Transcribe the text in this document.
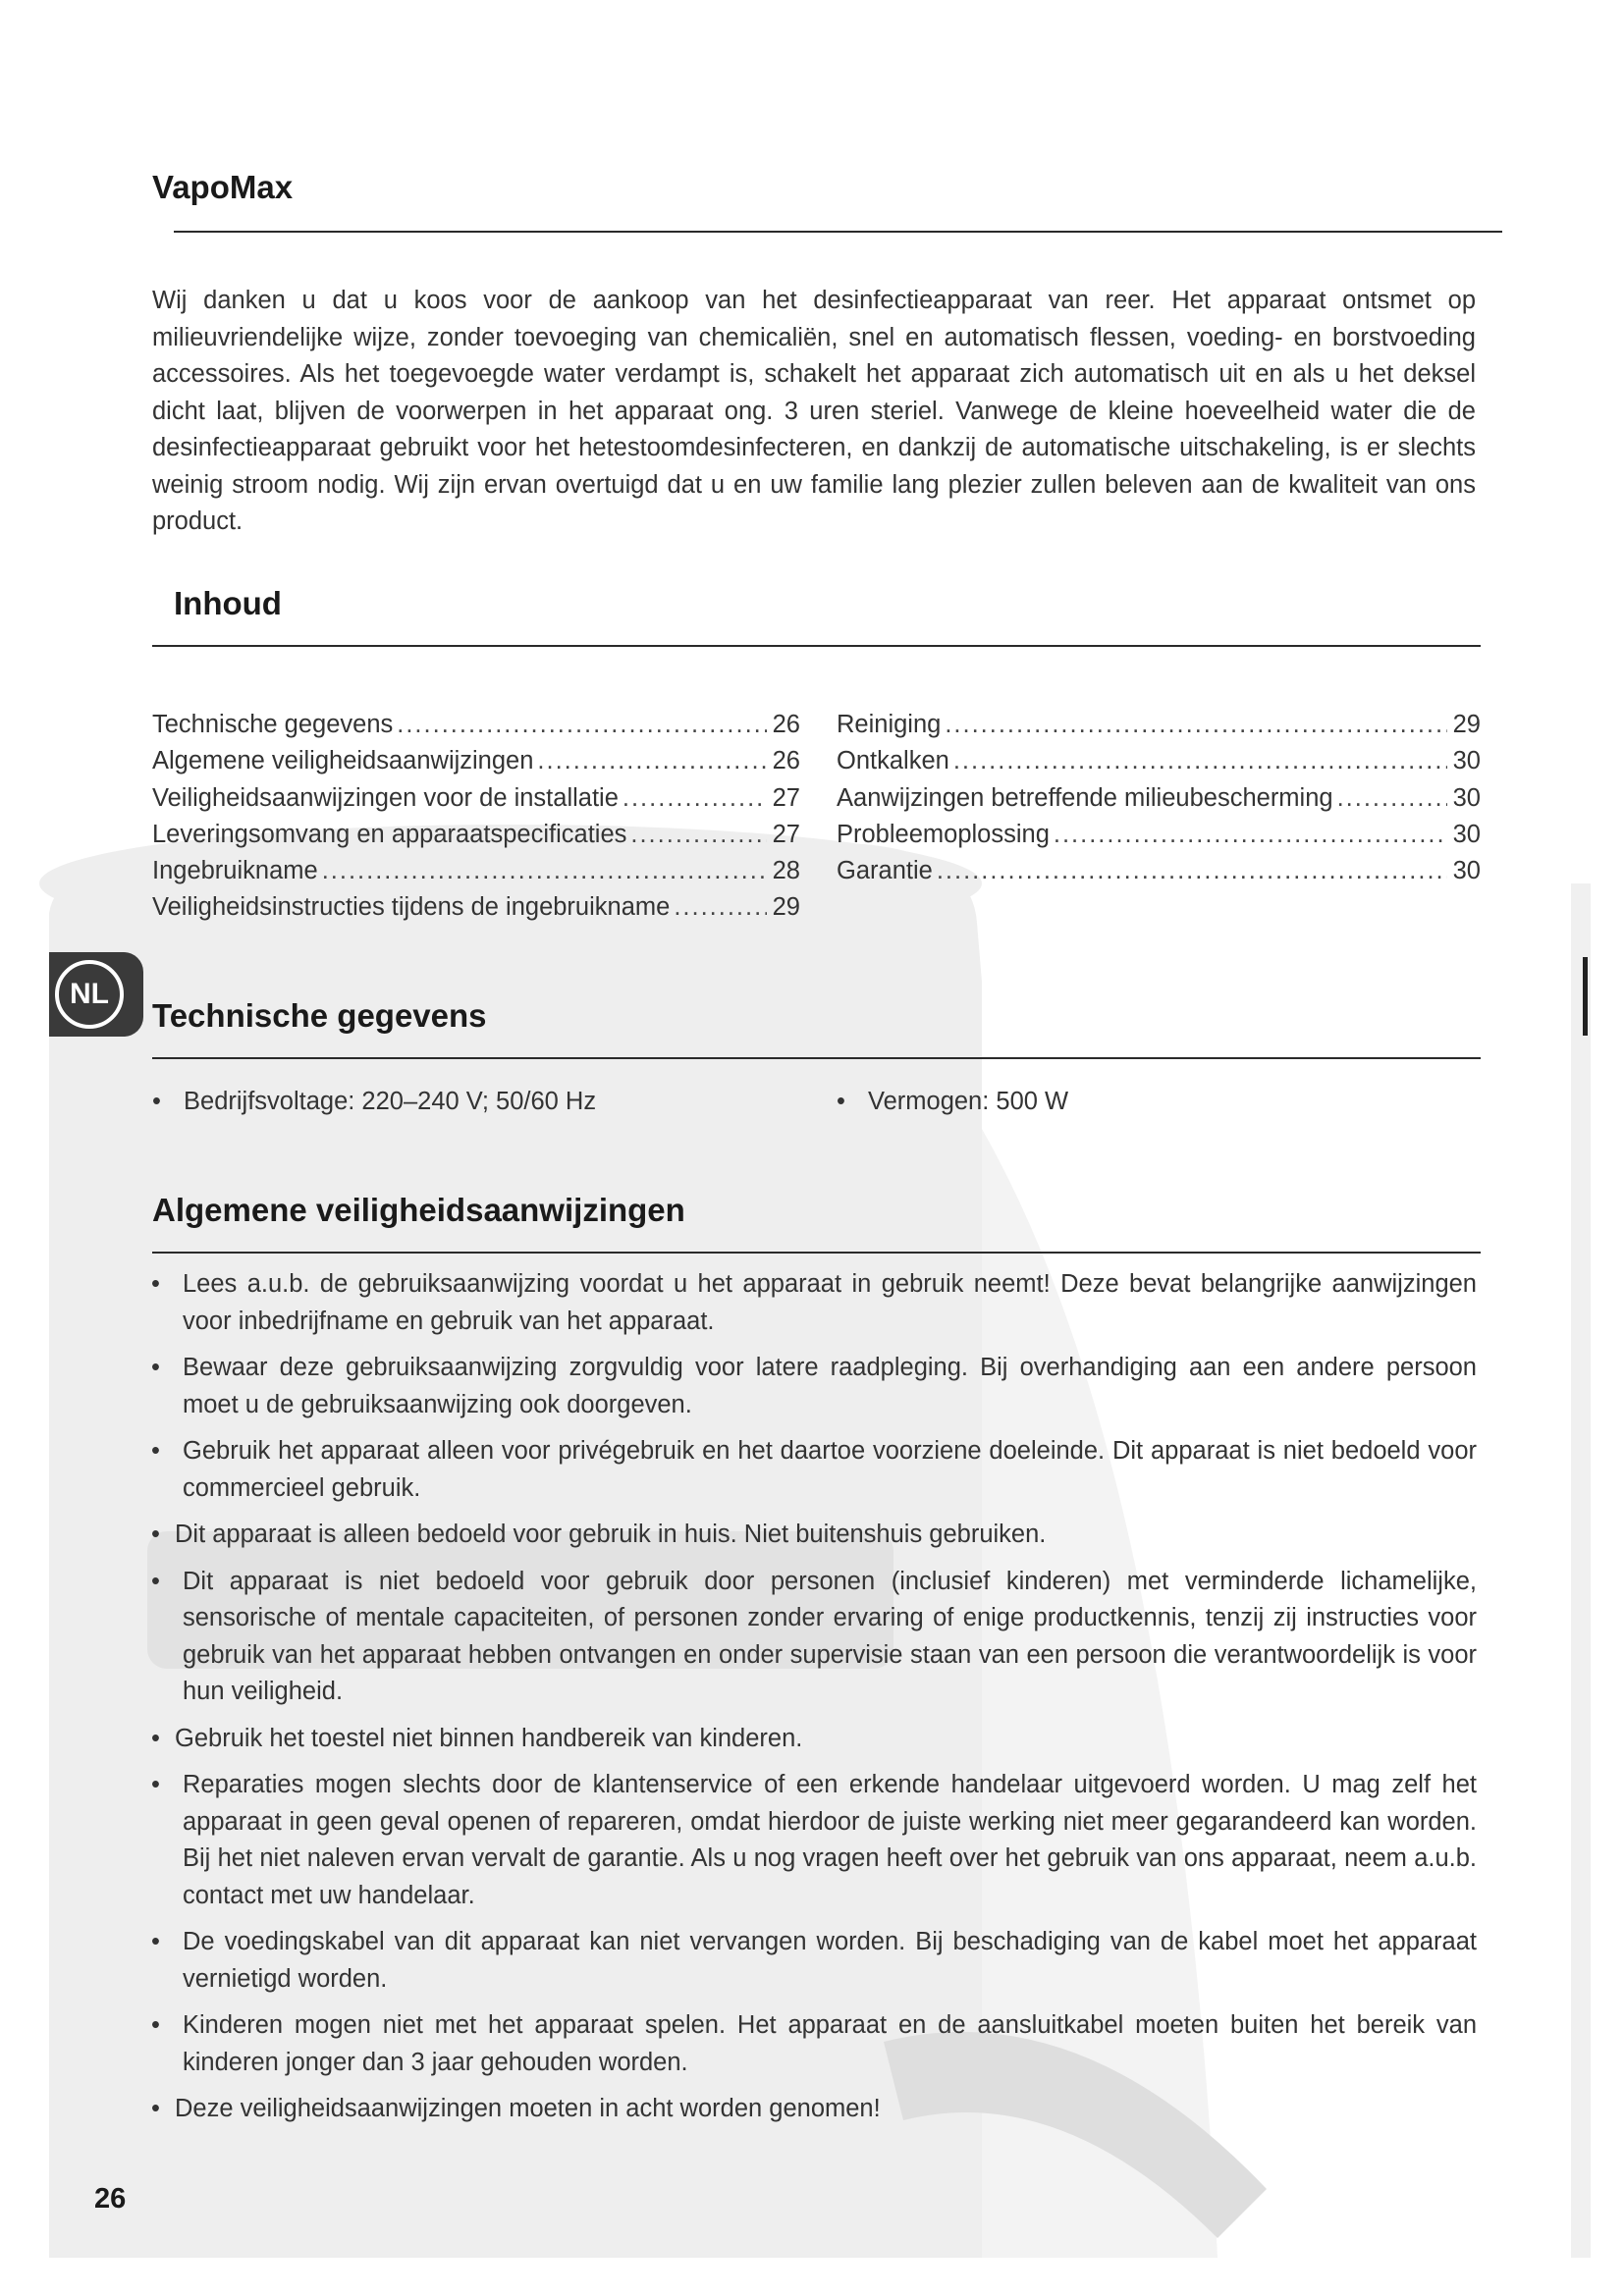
VapoMax

Wij danken u dat u koos voor de aankoop van het desinfectieapparaat van reer. Het apparaat ontsmet op milieuvriendelijke wijze, zonder toevoeging van chemicaliën, snel en automatisch flessen, voeding- en borstvoeding accessoires. Als het toegevoegde water verdampt is, schakelt het apparaat zich automatisch uit en als u het deksel dicht laat, blijven de voorwerpen in het apparaat ong. 3 uren steriel. Vanwege de kleine hoeveelheid water die de desinfectieapparaat gebruikt voor het hetestoomdesinfecteren, en dankzij de automatische uitschakeling, is er slechts weinig stroom nodig. Wij zijn ervan overtuigd dat u en uw familie lang plezier zullen beleven aan de kwaliteit van ons product.

Inhoud
Technische gegevens .....	26
Algemene veiligheidsaanwijzingen .....	26
Veiligheidsaanwijzingen voor de installatie .....	27
Leveringsomvang en apparaatspecificaties .....	27
Ingebruikname .....	28
Veiligheidsinstructies tijdens de ingebruikname .....	29
Reiniging .....	29
Ontkalken .....	30
Aanwijzingen betreffende milieubescherming .....	30
Probleemoplossing .....	30
Garantie .....	30
NL
Technische gegevens

• Bedrijfsvoltage: 220–240 V; 50/60 Hz	• Vermogen: 500 W

Algemene veiligheidsaanwijzingen
• Lees a.u.b. de gebruiksaanwijzing voordat u het apparaat in gebruik neemt! Deze bevat belangrijke aanwijzingen voor inbedrijfname en gebruik van het apparaat.
• Bewaar deze gebruiksaanwijzing zorgvuldig voor latere raadpleging. Bij overhandiging aan een andere persoon moet u de gebruiksaanwijzing ook doorgeven.
• Gebruik het apparaat alleen voor privégebruik en het daartoe voorziene doeleinde. Dit apparaat is niet bedoeld voor commercieel gebruik.
• Dit apparaat is alleen bedoeld voor gebruik in huis. Niet buitenshuis gebruiken.
• Dit apparaat is niet bedoeld voor gebruik door personen (inclusief kinderen) met verminderde lichamelijke, sensorische of mentale capaciteiten, of personen zonder ervaring of enige productkennis, tenzij zij instructies voor gebruik van het apparaat hebben ontvangen en onder supervisie staan van een persoon die verantwoordelijk is voor hun veiligheid.
• Gebruik het toestel niet binnen handbereik van kinderen.
• Reparaties mogen slechts door de klantenservice of een erkende handelaar uitgevoerd worden. U mag zelf het apparaat in geen geval openen of repareren, omdat hierdoor de juiste werking niet meer gegarandeerd kan worden. Bij het niet naleven ervan vervalt de garantie. Als u nog vragen heeft over het gebruik van ons apparaat, neem a.u.b. contact met uw handelaar.
• De voedingskabel van dit apparaat kan niet vervangen worden. Bij beschadiging van de kabel moet het apparaat vernietigd worden.
• Kinderen mogen niet met het apparaat spelen. Het apparaat en de aansluitkabel moeten buiten het bereik van kinderen jonger dan 3 jaar gehouden worden.
• Deze veiligheidsaanwijzingen moeten in acht worden genomen!
26
